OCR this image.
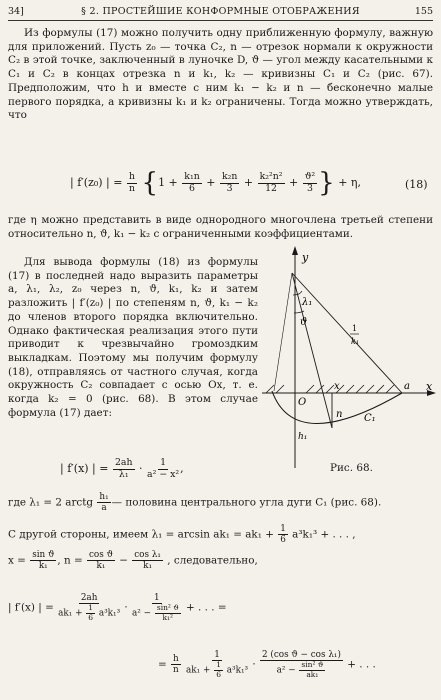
34]	§ 2. ПРОСТЕЙШИЕ КОНФОРМНЫЕ ОТОБРАЖЕНИЯ	155

Из формулы (17) можно получить одну приближенную формулу, важную для приложений. Пусть z₀ — точка C₂, n — отрезок нормали к окружности C₂ в этой точке, заключенный в луночке D, ϑ — угол между касательными к C₁ и C₂ в концах отрезка n и k₁, k₂ — кривизны C₁ и C₂ (рис. 67). Предположим, что h и вместе с ним k₁ − k₂ и n — бесконечно малые первого порядка, а кривизны k₁ и k₂ ограничены. Тогда можно утверждать, что

| f′(z₀) | = $\frac{h}{n} \{1 + \frac{\text{k₁n}}{6} + \frac{\text{k₂n}}{3} + \frac{\text{k₂²n²}}{12} + \frac{\text{ϑ²}}{3}$ } + η,	(18)

где η можно представить в виде однородного многочлена третьей степени относительно n, ϑ, k₁ − k₂ с ограниченными коэффициентами.

Для вывода формулы (18) из формулы (17) в последней надо выразить параметры a, λ₁, λ₂, z₀ через n, ϑ, k₁, k₂ и затем разложить | f′(z₀) | по степеням n, ϑ, k₁ − k₂ до членов второго порядка включительно. Однако фактическая реализация этого пути приводит к чрезвычайно громоздким выкладкам. Поэтому мы получим формулу (18), отправляясь от частного случая, когда окружность C₂ совпадает с осью Ox, т. е. когда k₂ = 0 (рис. 68). В этом случае формула (17) дает:

| f′(x) | = $\frac{2ah}{\text{λ₁}} \cdot \frac{1}{\text{a² − x²}}$ ,
y
x
λ₁
ϑ
1
k₁
O
x	a
n C₁
h₁
Рис. 68.
где λ₁ = 2 arctg $\frac{\text{h₁}}{a}$ — половина центрального угла дуги C₁ (рис. 68).
С другой стороны, имеем $\lambda_1 = \arcsin ak_1 = ak_1 + \frac{1}{6} a^3k_1^3$ + . . . ,
$x = \frac{\text{sin ϑ}}{\text{k₁}}$ , $n = \frac{\text{cos ϑ}}{\text{k₁}} - \frac{\text{cos λ₁}}{\text{k₁}}$ , следовательно,
| f′(x) | = $\frac{2ah}{ak_1 + \frac{1}{6} a^3k_1^3} \cdot \frac{1}{a^2 - \frac{\text{sin² ϑ}}{\text{k₁²}}}$ + . . . =
= $\frac{h}{n}$
$\frac{1}{ak_1 + \frac{1}{6} a^3k_1^3} \cdot \frac{\text{2 (cos ϑ − cos λ₁)}}{a^2 - \frac{\text{sin² ϑ}}{\text{ak₁}}}$ + . . .
